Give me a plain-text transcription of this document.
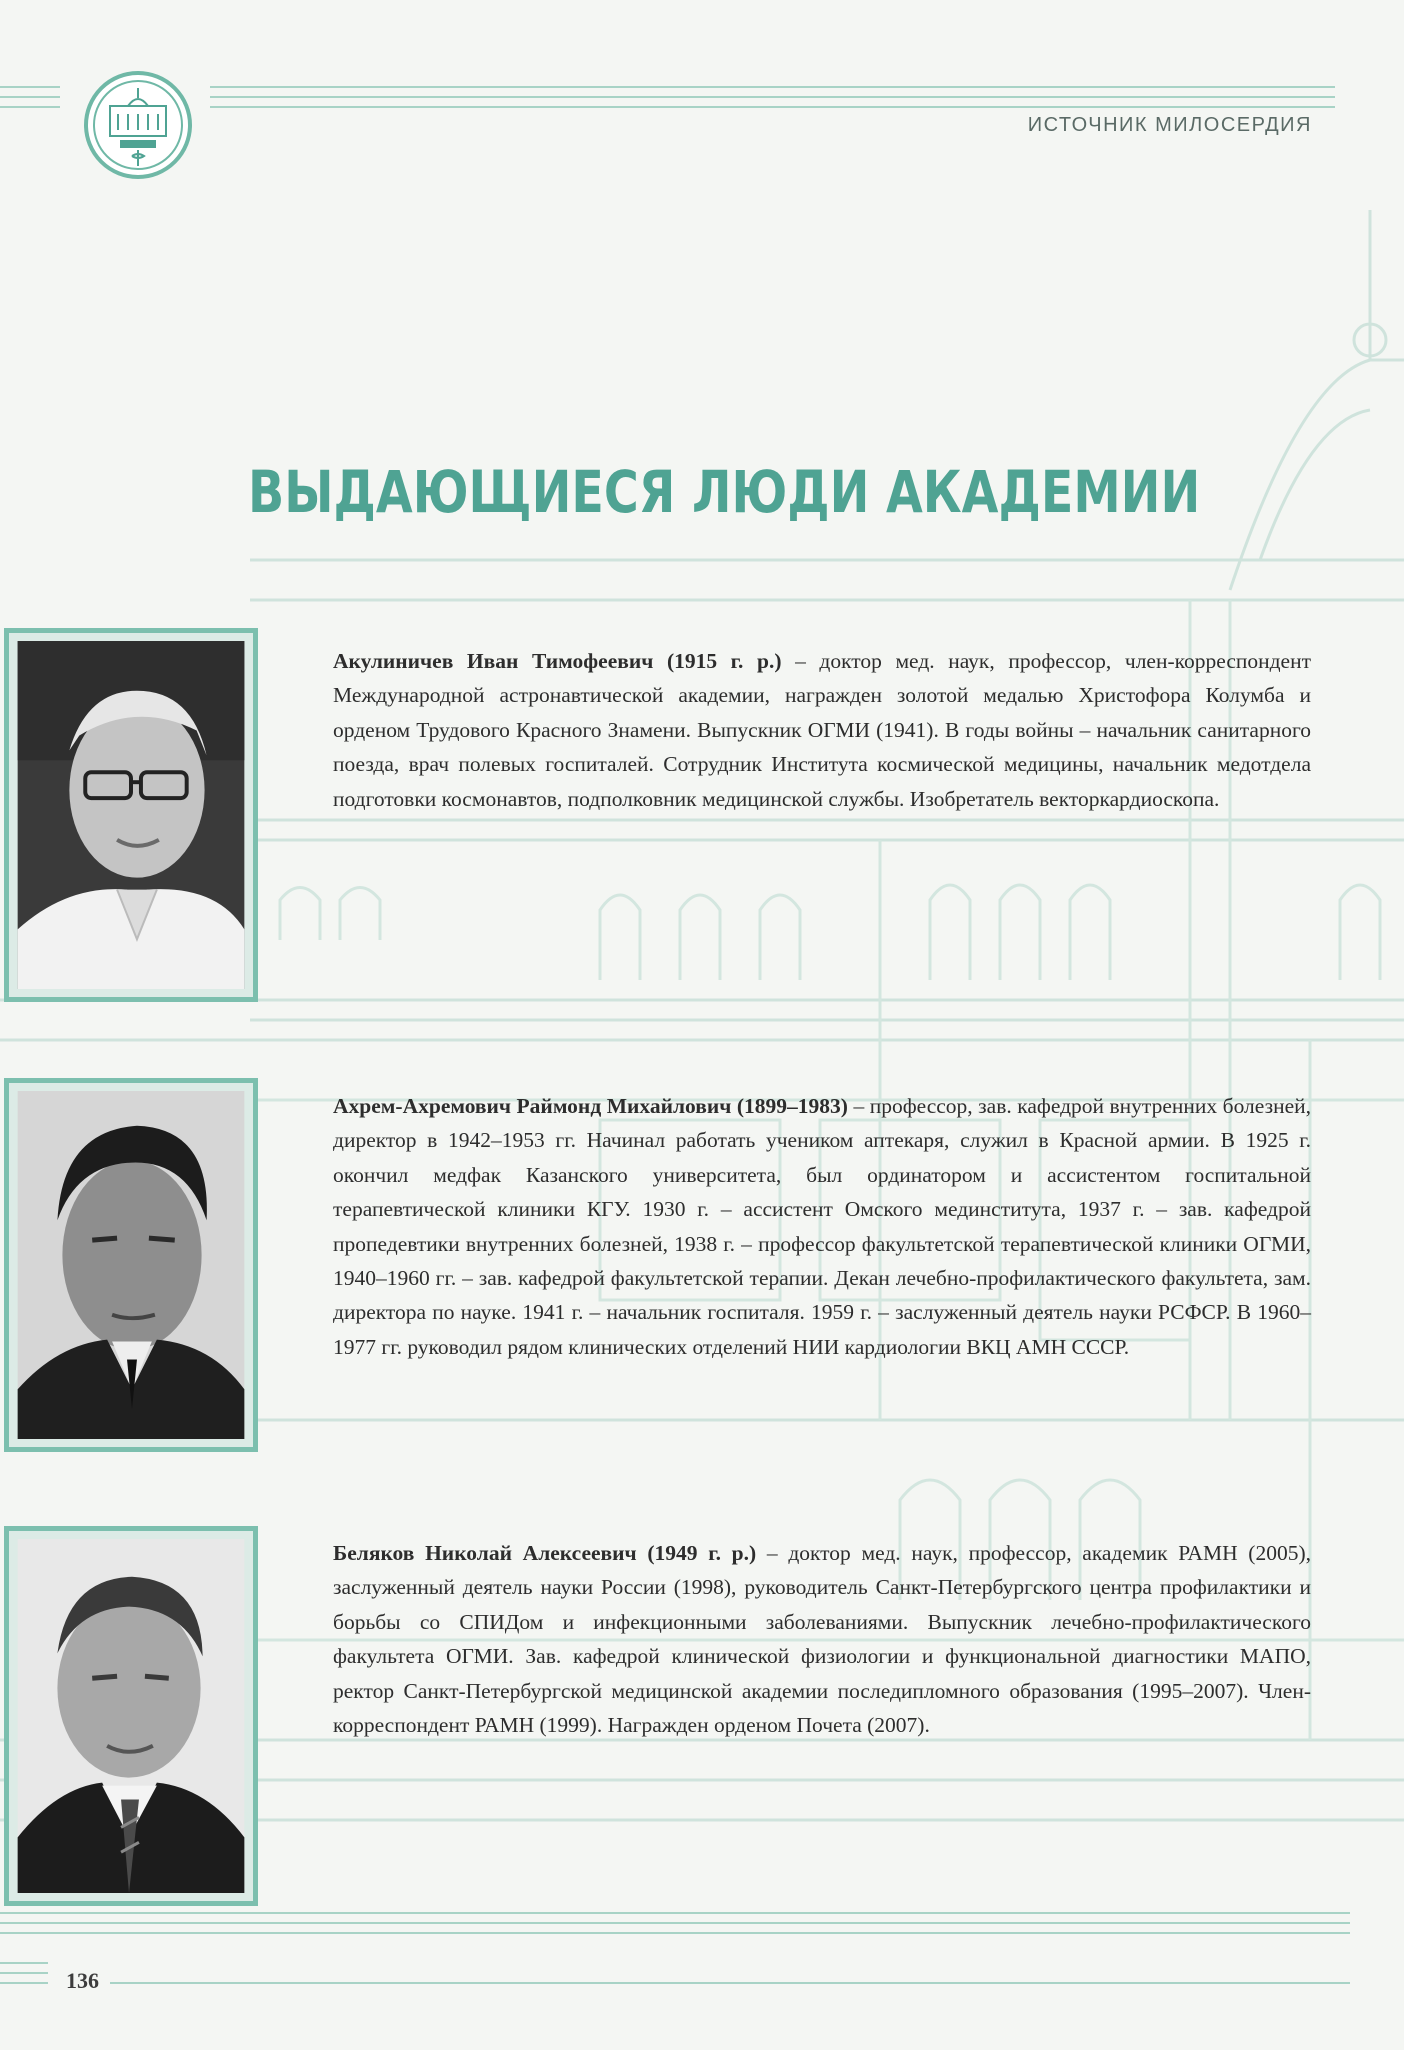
ИСТОЧНИК МИЛОСЕРДИЯ
ВЫДАЮЩИЕСЯ ЛЮДИ АКАДЕМИИ

Акулиничев Иван Тимофеевич (1915 г. р.) – доктор мед. наук, профессор, член-корреспондент Международной астронавтической академии, награжден золотой медалью Христофора Колумба и орденом Трудового Красного Знамени. Выпускник ОГМИ (1941). В годы войны – начальник санитарного поезда, врач полевых госпиталей. Сотрудник Института космической медицины, начальник медотдела подготовки космонавтов, подполковник медицинской службы. Изобретатель векторкардиоскопа.

Ахрем-Ахремович Раймонд Михайлович (1899–1983) – профессор, зав. кафедрой внутренних болезней, директор в 1942–1953 гг. Начинал работать учеником аптекаря, служил в Красной армии. В 1925 г. окончил медфак Казанского университета, был ординатором и ассистентом госпитальной терапевтической клиники КГУ. 1930 г. – ассистент Омского мединститута, 1937 г. – зав. кафедрой пропедевтики внутренних болезней, 1938 г. – профессор факультетской терапевтической клиники ОГМИ, 1940–1960 гг. – зав. кафедрой факультетской терапии. Декан лечебно-профилактического факультета, зам. директора по науке. 1941 г. – начальник госпиталя. 1959 г. – заслуженный деятель науки РСФСР. В 1960–1977 гг. руководил рядом клинических отделений НИИ кардиологии ВКЦ АМН СССР.

Беляков Николай Алексеевич (1949 г. р.) – доктор мед. наук, профессор, академик РАМН (2005), заслуженный деятель науки России (1998), руководитель Санкт-Петербургского центра профилактики и борьбы со СПИДом и инфекционными заболеваниями. Выпускник лечебно-профилактического факультета ОГМИ. Зав. кафедрой клинической физиологии и функциональной диагностики МАПО, ректор Санкт-Петербургской медицинской академии последипломного образования (1995–2007). Член-корреспондент РАМН (1999). Награжден орденом Почета (2007).

136
